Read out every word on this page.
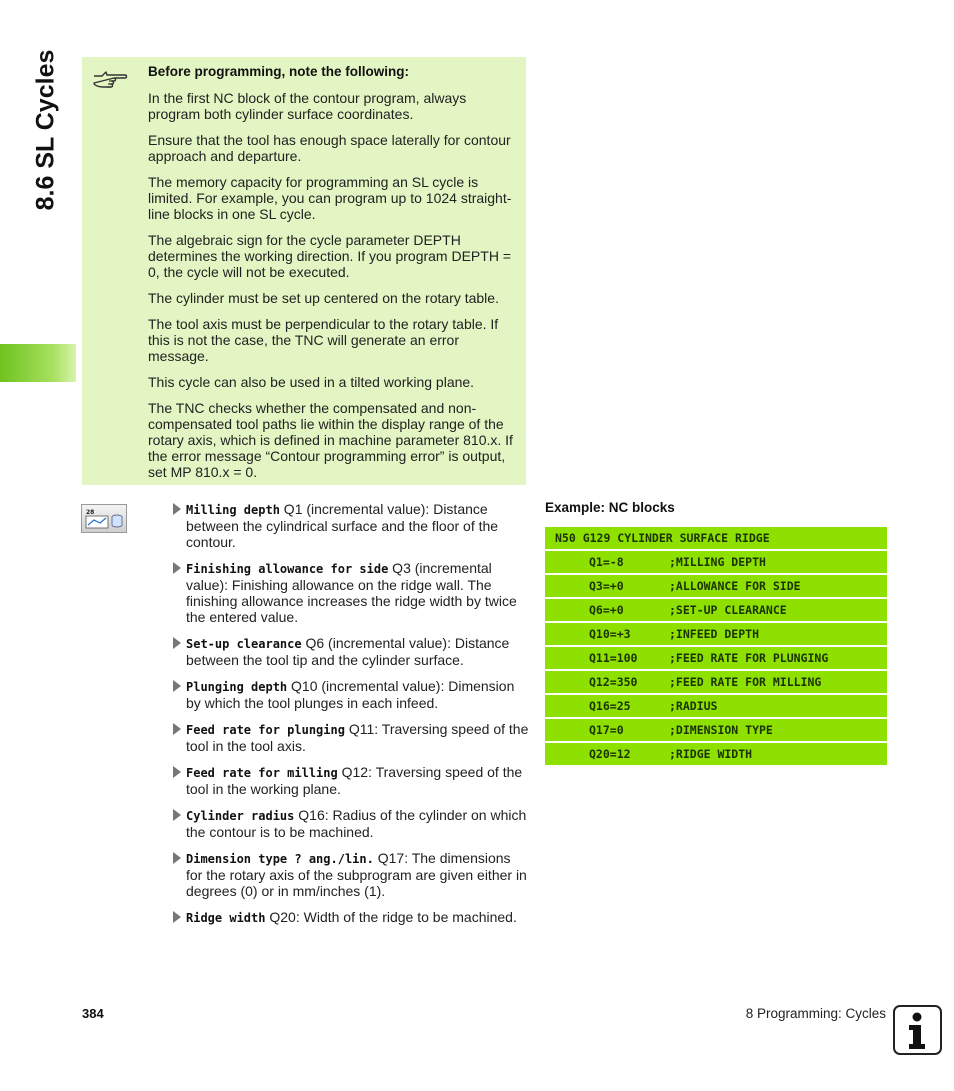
8.6 SL Cycles	Before programming, note the following:

In the first NC block of the contour program, always program both cylinder surface coordinates.

Ensure that the tool has enough space laterally for contour approach and departure.

The memory capacity for programming an SL cycle is limited. For example, you can program up to 1024 straight-line blocks in one SL cycle.

The algebraic sign for the cycle parameter DEPTH determines the working direction. If you program DEPTH = 0, the cycle will not be executed.

The cylinder must be set up centered on the rotary table.

The tool axis must be perpendicular to the rotary table. If this is not the case, the TNC will generate an error message.

This cycle can also be used in a tilted working plane.

The TNC checks whether the compensated and non-compensated tool paths lie within the display range of the rotary axis, which is defined in machine parameter 810.x. If the error message “Contour programming error” is output, set MP 810.x = 0.

28	Milling depth Q1 (incremental value): Distance between the cylindrical surface and the floor of the contour.
Finishing allowance for side Q3 (incremental value): Finishing allowance on the ridge wall. The finishing allowance increases the ridge width by twice the entered value.
Set-up clearance Q6 (incremental value): Distance between the tool tip and the cylinder surface.
Plunging depth Q10 (incremental value): Dimension by which the tool plunges in each infeed.
Feed rate for plunging Q11: Traversing speed of the tool in the tool axis.
Feed rate for milling Q12: Traversing speed of the tool in the working plane.
Cylinder radius Q16: Radius of the cylinder on which the contour is to be machined.
Dimension type ? ang./lin. Q17: The dimensions for the rotary axis of the subprogram are given either in degrees (0) or in mm/inches (1).
Ridge width Q20: Width of the ridge to be machined.
Example: NC blocks
N50 G129 CYLINDER SURFACE RIDGE
Q1=-8	;MILLING DEPTH
Q3=+0	;ALLOWANCE FOR SIDE
Q6=+0	;SET-UP CLEARANCE
Q10=+3	;INFEED DEPTH
Q11=100	;FEED RATE FOR PLUNGING
Q12=350	;FEED RATE FOR MILLING
Q16=25	;RADIUS
Q17=0	;DIMENSION TYPE
Q20=12	;RIDGE WIDTH
384	8 Programming: Cycles
